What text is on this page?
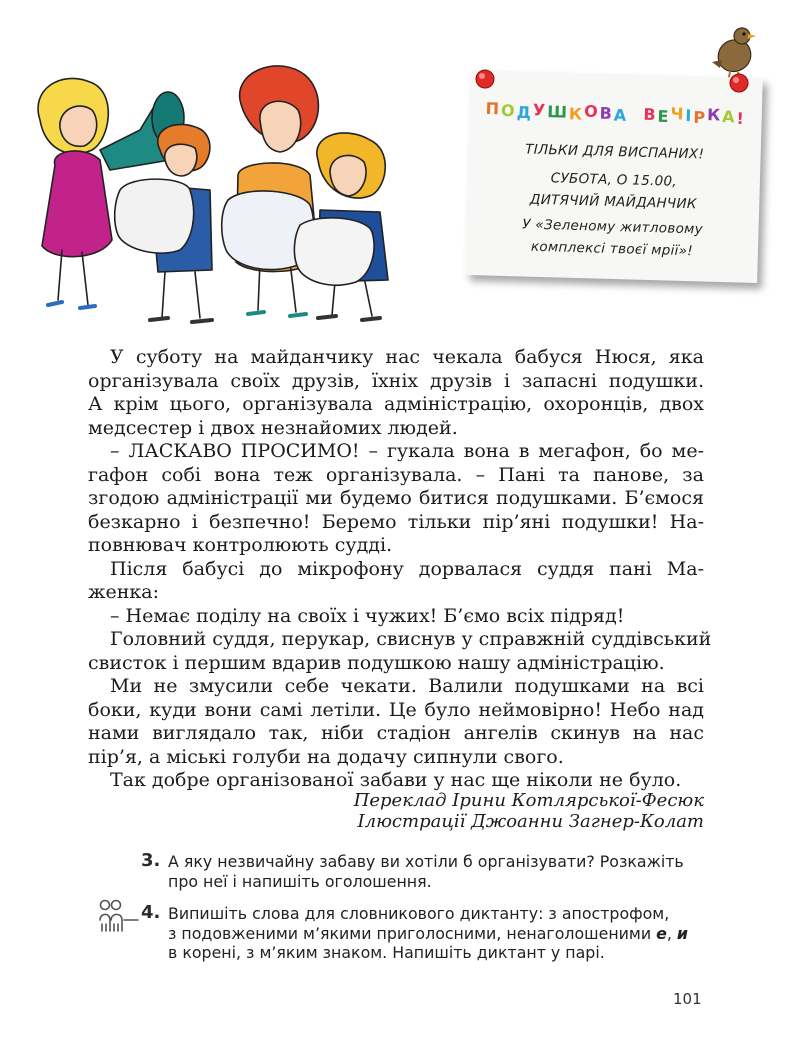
ПОДУШКОВА ВЕЧІРКА!
ТІЛЬКИ ДЛЯ ВИСПАНИХ!
СУБОТА, О 15.00,
ДИТЯЧИЙ МАЙДАНЧИК
У «Зеленому житловому
комплексі твоєї мрії»!
У суботу на майданчику нас чекала бабуся Нюся, яка
організувала своїх друзів, їхніх друзів і запасні подушки.
А крім цього, організувала адміністрацію, охоронців, двох
медсестер і двох незнайомих людей.
– ЛАСКАВО ПРОСИМО! – гукала вона в мегафон, бо ме-
гафон собі вона теж організувала. – Пані та панове, за
згодою адміністрації ми будемо битися подушками. Б’ємося
безкарно і безпечно! Беремо тільки пір’яні подушки! На-
повнювач контролюють судді.
Після бабусі до мікрофону дорвалася суддя пані Ма-
женка:
– Немає поділу на своїх і чужих! Б’ємо всіх підряд!
Головний суддя, перукар, свиснув у справжній суддівський
свисток і першим вдарив подушкою нашу адміністрацію.
Ми не змусили себе чекати. Валили подушками на всі
боки, куди вони самі летіли. Це було неймовірно! Небо над
нами виглядало так, ніби стадіон ангелів скинув на нас
пір’я, а міські голуби на додачу сипнули свого.
Так добре організованої забави у нас ще ніколи не було.
Переклад Ірини Котлярської-Фесюк
Ілюстрації Джоанни Загнер-Колат
3. А яку незвичайну забаву ви хотіли б організувати? Розкажіть
про неї і напишіть оголошення.
4. Випишіть слова для словникового диктанту: з апострофом,
з подовженими м’якими приголосними, ненаголошеними е, и
в корені, з м’яким знаком. Напишіть диктант у парі.
101
